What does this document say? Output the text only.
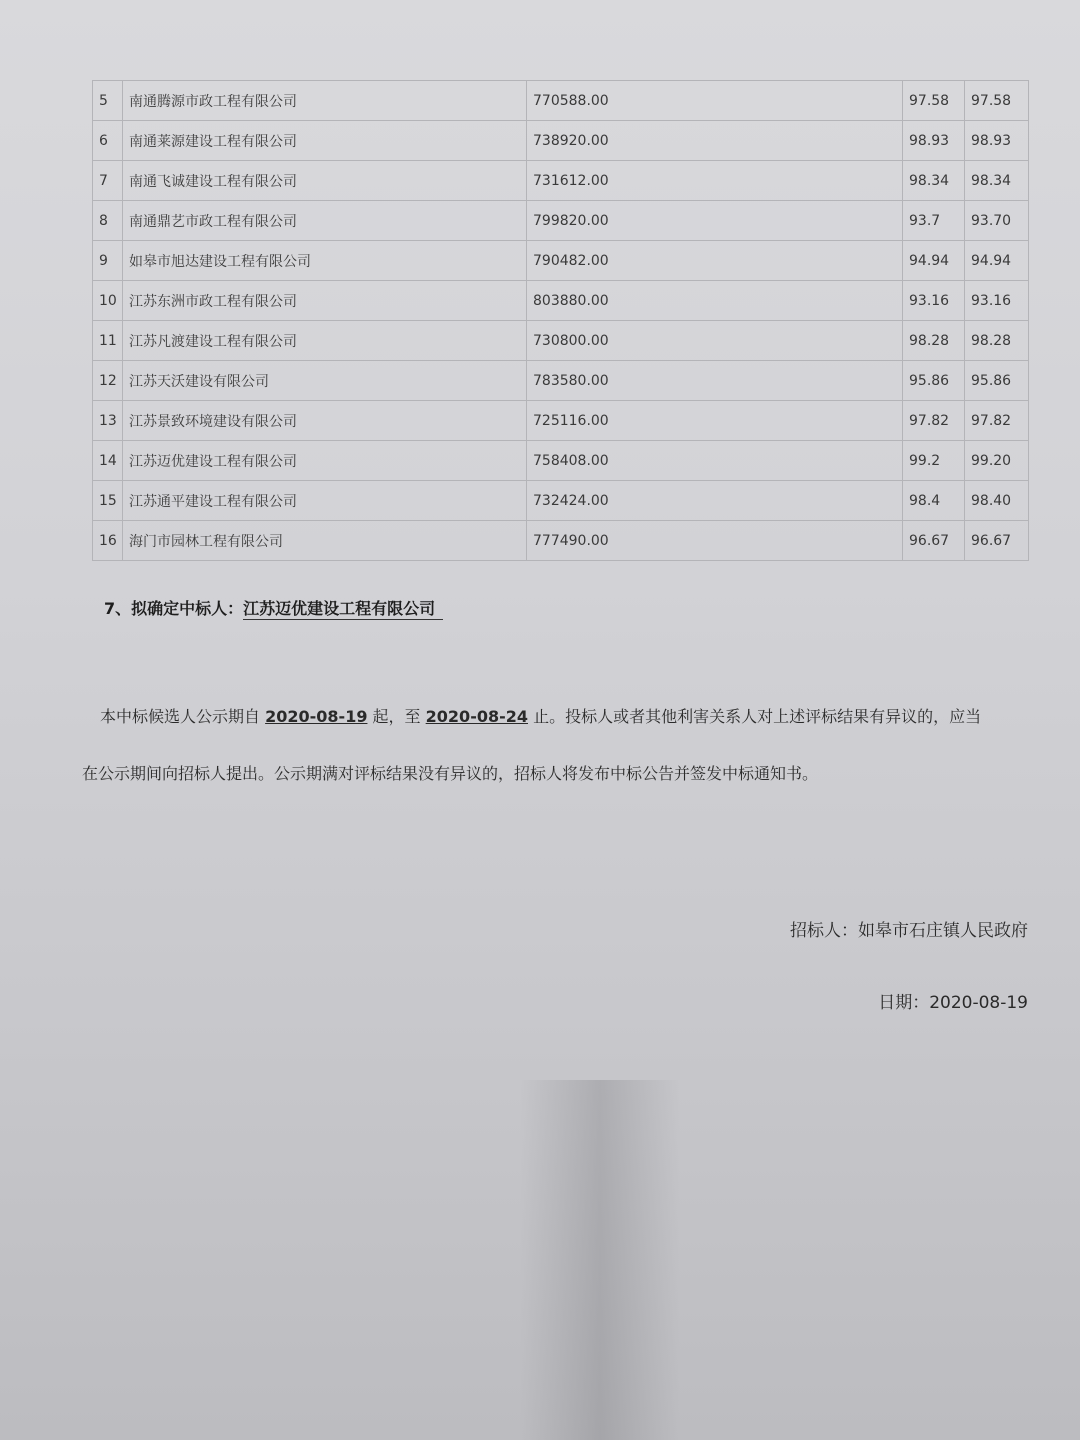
5	南通腾源市政工程有限公司	770588.00	97.58	97.58
6	南通莱源建设工程有限公司	738920.00	98.93	98.93
7	南通飞诚建设工程有限公司	731612.00	98.34	98.34
8	南通鼎艺市政工程有限公司	799820.00	93.7	93.70
9	如皋市旭达建设工程有限公司	790482.00	94.94	94.94
10	江苏东洲市政工程有限公司	803880.00	93.16	93.16
11	江苏凡渡建设工程有限公司	730800.00	98.28	98.28
12	江苏天沃建设有限公司	783580.00	95.86	95.86
13	江苏景致环境建设有限公司	725116.00	97.82	97.82
14	江苏迈优建设工程有限公司	758408.00	99.2	99.20
15	江苏通平建设工程有限公司	732424.00	98.4	98.40
16	海门市园林工程有限公司	777490.00	96.67	96.67
7、拟确定中标人：江苏迈优建设工程有限公司
本中标候选人公示期自 2020-08-19 起，至 2020-08-24 止。投标人或者其他利害关系人对上述评标结果有异议的，应当
在公示期间向招标人提出。公示期满对评标结果没有异议的，招标人将发布中标公告并签发中标通知书。
招标人：如皋市石庄镇人民政府
日期：2020-08-19
